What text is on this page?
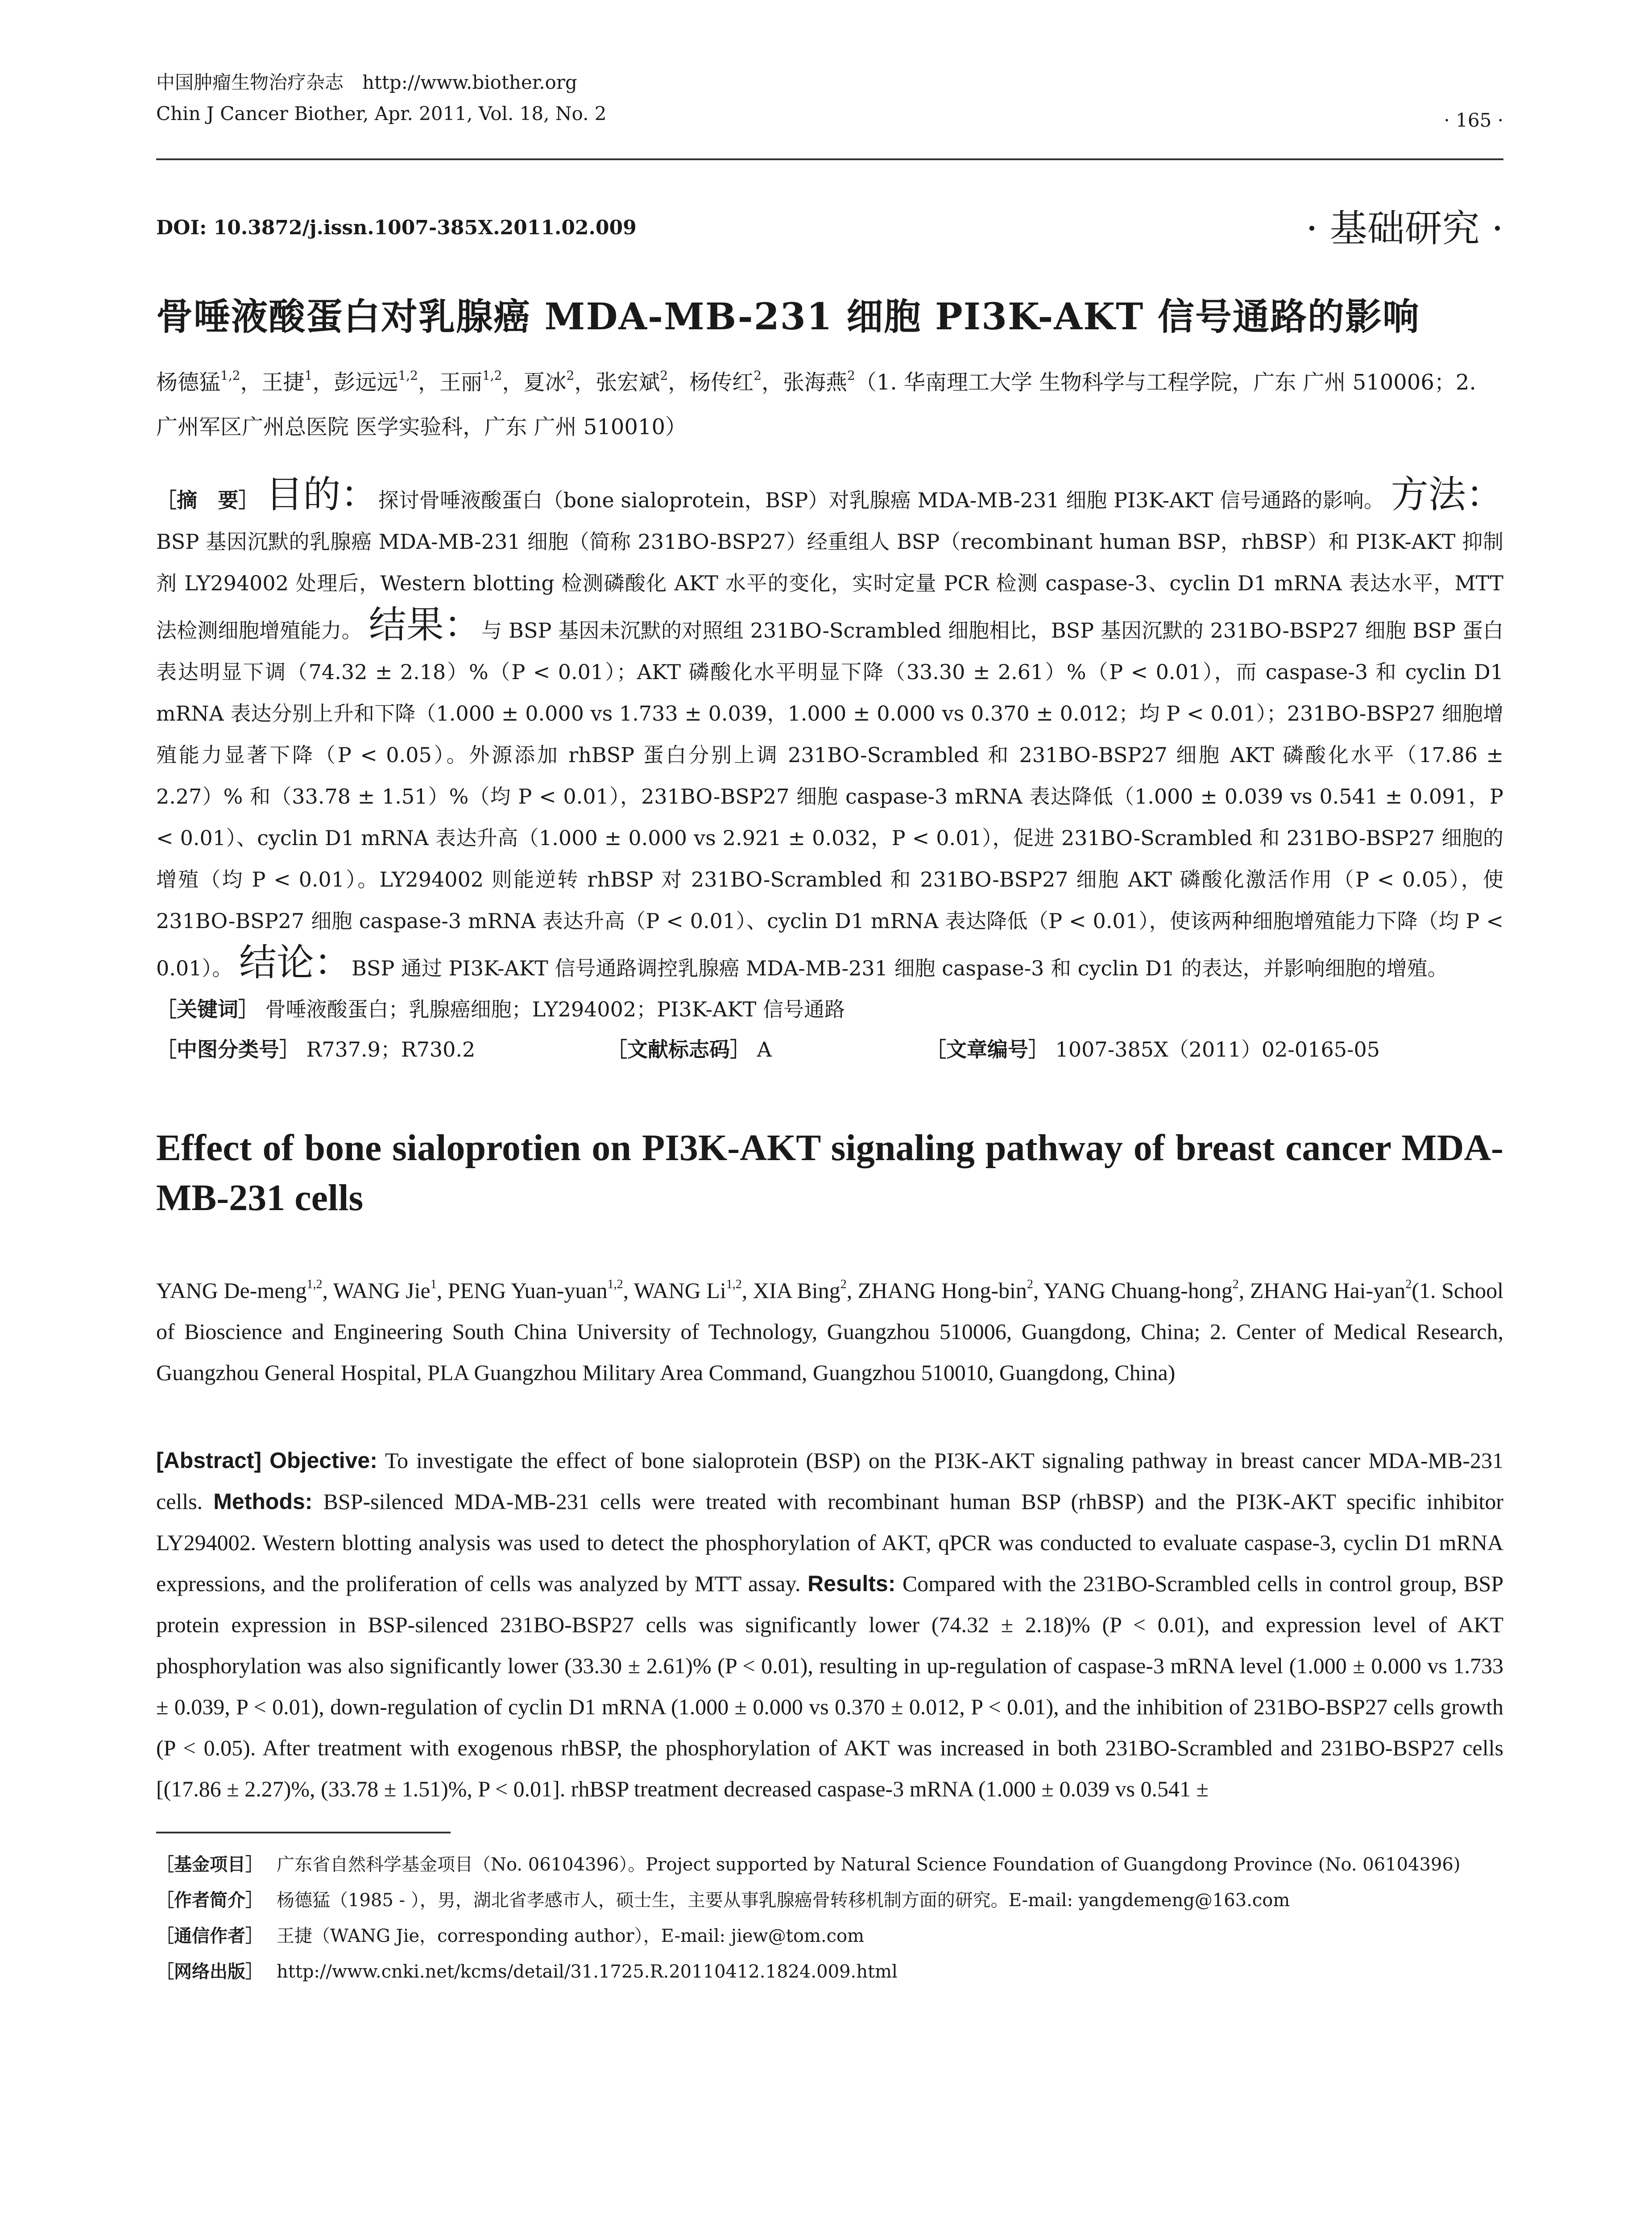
中国肿瘤生物治疗杂志　http://www.biother.org
Chin J Cancer Biother, Apr. 2011, Vol. 18, No. 2	· 165 ·
DOI: 10.3872/j.issn.1007-385X.2011.02.009	· 基础研究 ·
骨唾液酸蛋白对乳腺癌 MDA-MB-231 细胞 PI3K-AKT 信号通路的影响
杨德猛$^{1,2}$，王捷$^1$，彭远远$^{1,2}$，王丽$^{1,2}$，夏冰$^2$，张宏斌$^2$，杨传红$^2$，张海燕$^2$（1. 华南理工大学 生物科学与工程学院，广东 广州 510006；2. 广州军区广州总医院 医学实验科，广东 广州 510010）
［摘　要］ 目的：探讨骨唾液酸蛋白（bone sialoprotein，BSP）对乳腺癌 MDA-MB-231 细胞 PI3K-AKT 信号通路的影响。 方法：BSP 基因沉默的乳腺癌 MDA-MB-231 细胞（简称 231BO-BSP27）经重组人 BSP（recombinant human BSP，rhBSP）和 PI3K-AKT 抑制剂 LY294002 处理后，Western blotting 检测磷酸化 AKT 水平的变化，实时定量 PCR 检测 caspase-3、cyclin D1 mRNA 表达水平，MTT 法检测细胞增殖能力。 结果：与 BSP 基因未沉默的对照组 231BO-Scrambled 细胞相比，BSP 基因沉默的 231BO-BSP27 细胞 BSP 蛋白表达明显下调（74.32 ± 2.18）%（P < 0.01）；AKT 磷酸化水平明显下降（33.30 ± 2.61）%（P < 0.01），而 caspase-3 和 cyclin D1 mRNA 表达分别上升和下降（1.000 ± 0.000 vs 1.733 ± 0.039，1.000 ± 0.000 vs 0.370 ± 0.012；均 P < 0.01）；231BO-BSP27 细胞增殖能力显著下降（P < 0.05）。外源添加 rhBSP 蛋白分别上调 231BO-Scrambled 和 231BO-BSP27 细胞 AKT 磷酸化水平（17.86 ± 2.27）% 和（33.78 ± 1.51）%（均 P < 0.01），231BO-BSP27 细胞 caspase-3 mRNA 表达降低（1.000 ± 0.039 vs 0.541 ± 0.091，P < 0.01）、cyclin D1 mRNA 表达升高（1.000 ± 0.000 vs 2.921 ± 0.032，P < 0.01），促进 231BO-Scrambled 和 231BO-BSP27 细胞的增殖（均 P < 0.01）。LY294002 则能逆转 rhBSP 对 231BO-Scrambled 和 231BO-BSP27 细胞 AKT 磷酸化激活作用（P < 0.05），使 231BO-BSP27 细胞 caspase-3 mRNA 表达升高（P < 0.01）、cyclin D1 mRNA 表达降低（P < 0.01），使该两种细胞增殖能力下降（均 P < 0.01）。 结论：BSP 通过 PI3K-AKT 信号通路调控乳腺癌 MDA-MB-231 细胞 caspase-3 和 cyclin D1 的表达，并影响细胞的增殖。
［关键词］ 骨唾液酸蛋白；乳腺癌细胞；LY294002；PI3K-AKT 信号通路
［中图分类号］ R737.9；R730.2	［文献标志码］ A	［文章编号］ 1007-385X（2011）02-0165-05
Effect of bone sialoprotien on PI3K-AKT signaling pathway of breast cancer MDA-MB-231 cells
YANG De-meng$^{1,2}$, WANG Jie$^1$, PENG Yuan-yuan$^{1,2}$, WANG Li$^{1,2}$, XIA Bing$^2$, ZHANG Hong-bin$^2$, YANG Chuang-hong$^2$, ZHANG Hai-yan$^2$(1. School of Bioscience and Engineering South China University of Technology, Guangzhou 510006, Guangdong, China; 2. Center of Medical Research, Guangzhou General Hospital, PLA Guangzhou Military Area Command, Guangzhou 510010, Guangdong, China)
[Abstract] Objective: To investigate the effect of bone sialoprotein (BSP) on the PI3K-AKT signaling pathway in breast cancer MDA-MB-231 cells. Methods: BSP-silenced MDA-MB-231 cells were treated with recombinant human BSP (rhBSP) and the PI3K-AKT specific inhibitor LY294002. Western blotting analysis was used to detect the phosphorylation of AKT, qPCR was conducted to evaluate caspase-3, cyclin D1 mRNA expressions, and the proliferation of cells was analyzed by MTT assay. Results: Compared with the 231BO-Scrambled cells in control group, BSP protein expression in BSP-silenced 231BO-BSP27 cells was significantly lower (74.32 ± 2.18)% (P < 0.01), and expression level of AKT phosphorylation was also significantly lower (33.30 ± 2.61)% (P < 0.01), resulting in up-regulation of caspase-3 mRNA level (1.000 ± 0.000 vs 1.733 ± 0.039, P < 0.01), down-regulation of cyclin D1 mRNA (1.000 ± 0.000 vs 0.370 ± 0.012, P < 0.01), and the inhibition of 231BO-BSP27 cells growth (P < 0.05). After treatment with exogenous rhBSP, the phosphorylation of AKT was increased in both 231BO-Scrambled and 231BO-BSP27 cells [(17.86 ± 2.27)%, (33.78 ± 1.51)%, P < 0.01]. rhBSP treatment decreased caspase-3 mRNA (1.000 ± 0.039 vs 0.541 ±
［基金项目］ 广东省自然科学基金项目（No. 06104396）。Project supported by Natural Science Foundation of Guangdong Province (No. 06104396)
［作者简介］ 杨德猛（1985 - ），男，湖北省孝感市人，硕士生，主要从事乳腺癌骨转移机制方面的研究。E-mail: yangdemeng@163.com
［通信作者］ 王捷（WANG Jie，corresponding author），E-mail: jiew@tom.com
［网络出版］ http://www.cnki.net/kcms/detail/31.1725.R.20110412.1824.009.html
